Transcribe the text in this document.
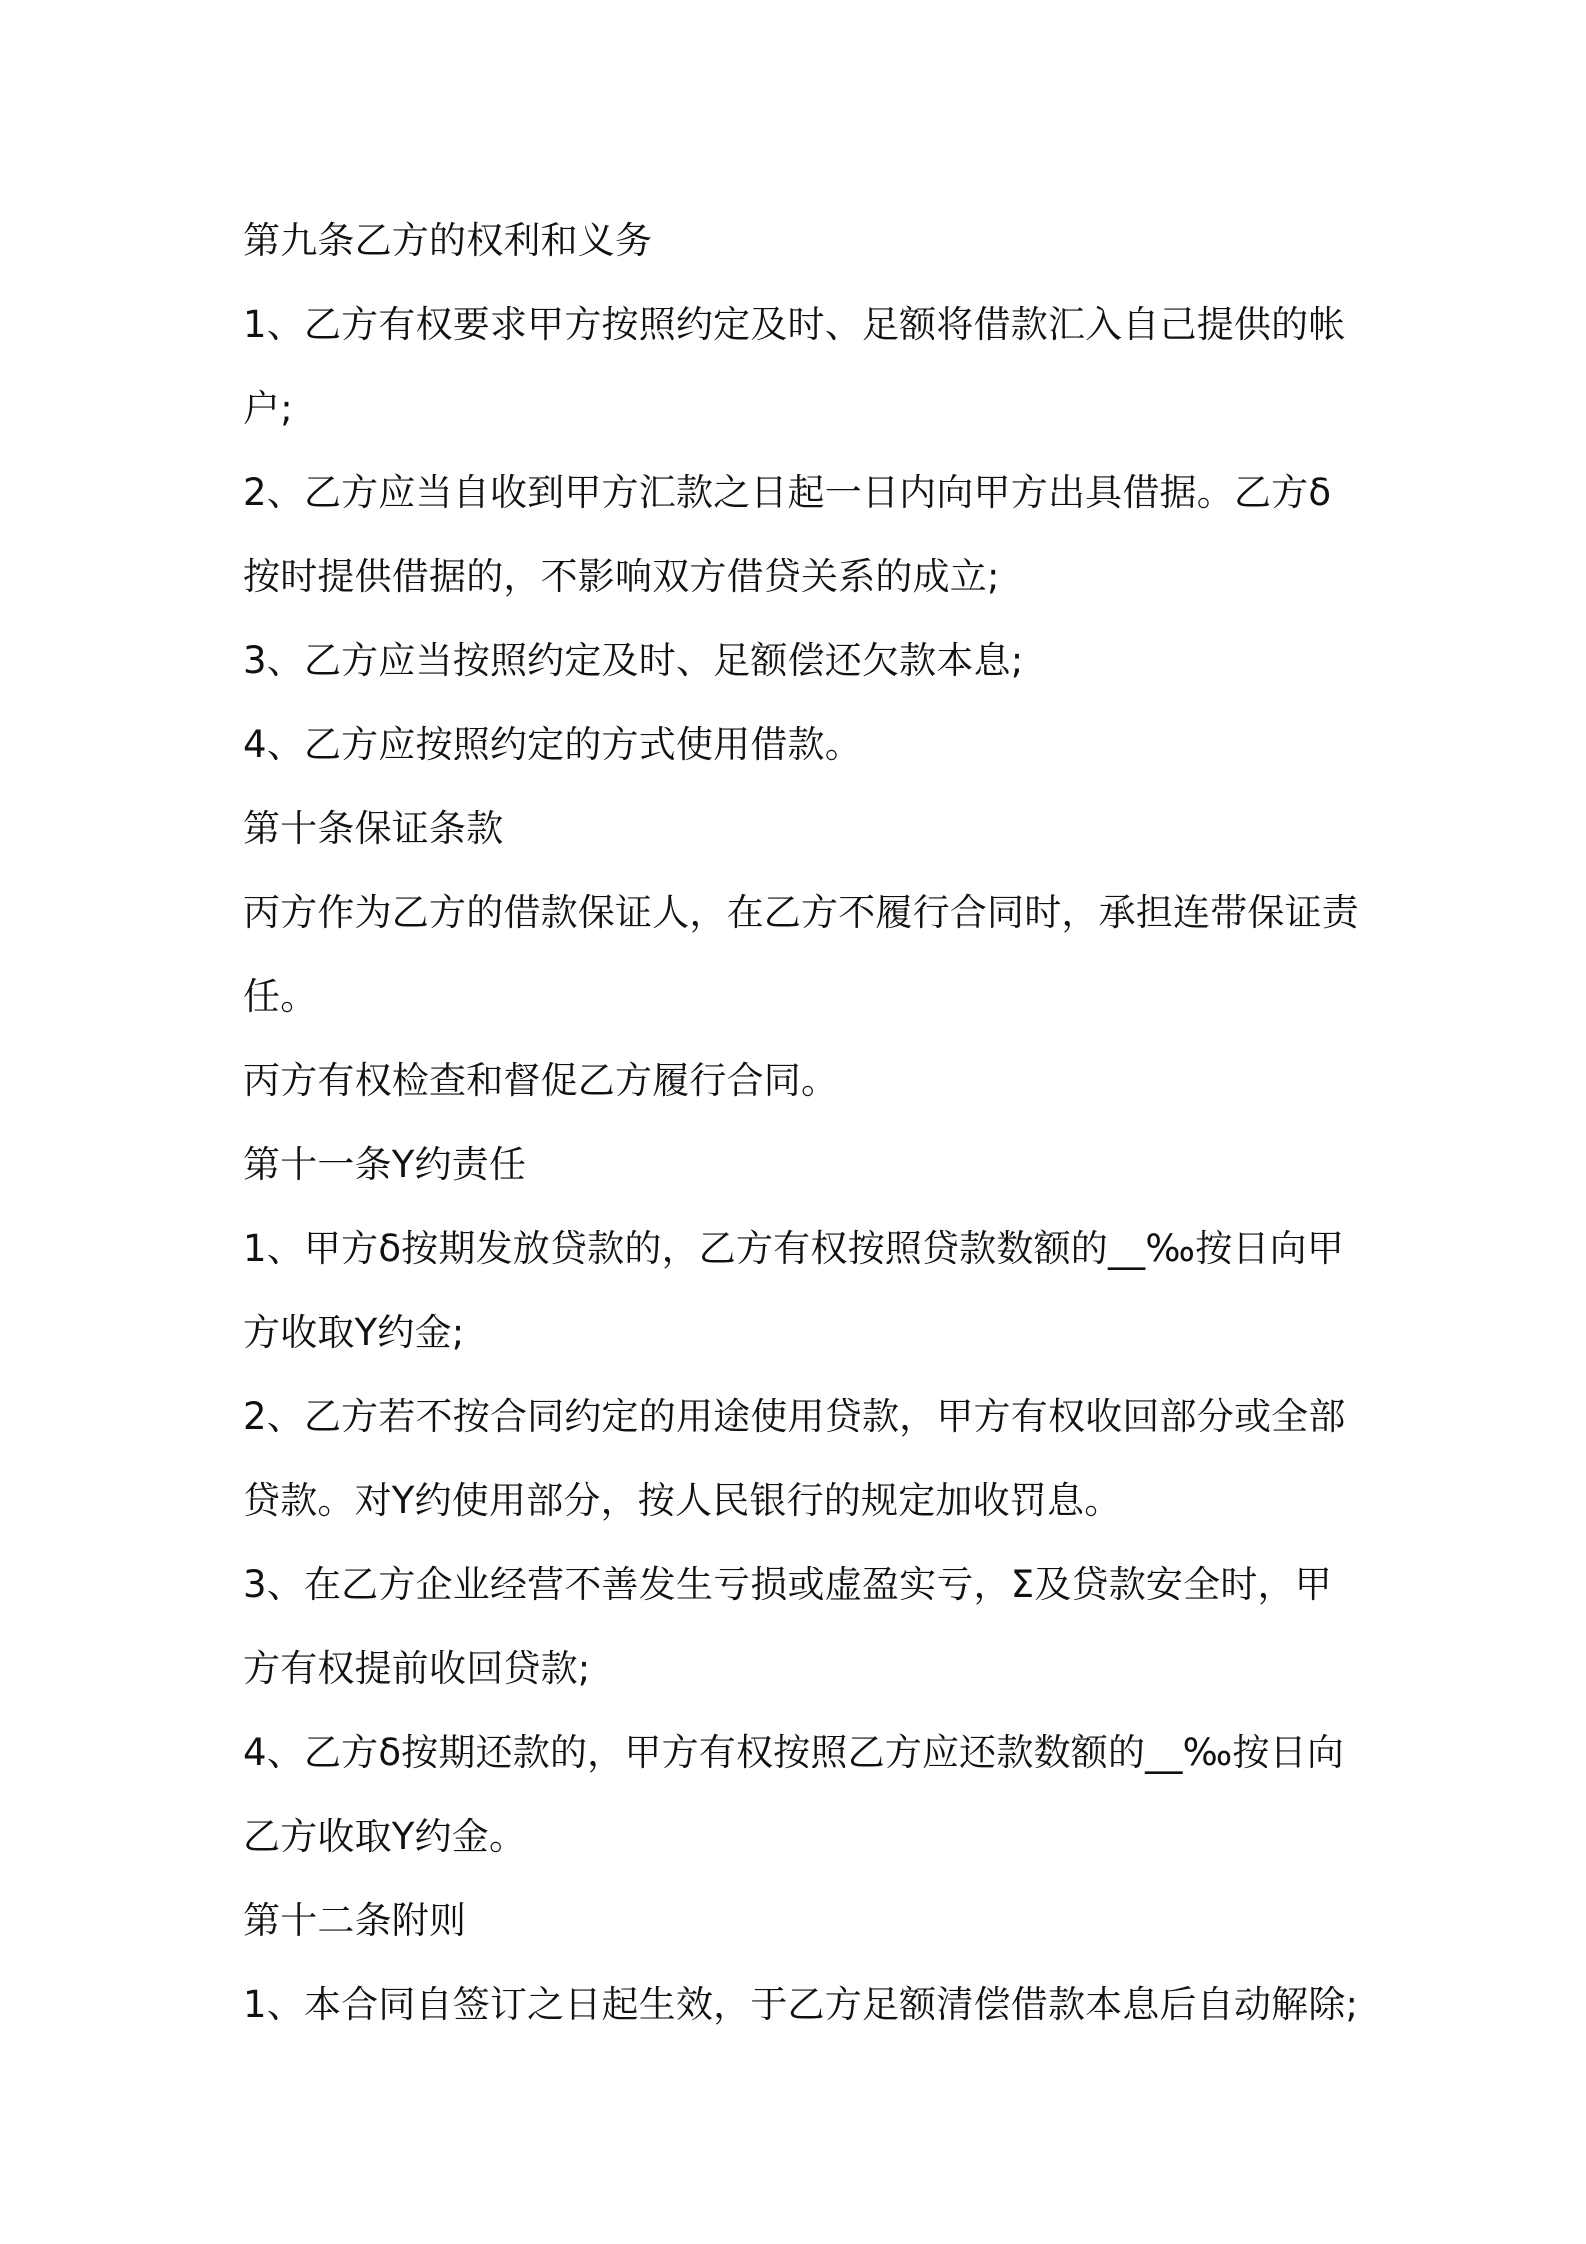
第九条乙方的权利和义务
1、乙方有权要求甲方按照约定及时、足额将借款汇入自己提供的帐
户;
2、乙方应当自收到甲方汇款之日起一日内向甲方出具借据。乙方δ
按时提供借据的，不影响双方借贷关系的成立;
3、乙方应当按照约定及时、足额偿还欠款本息;
4、乙方应按照约定的方式使用借款。
第十条保证条款
丙方作为乙方的借款保证人，在乙方不履行合同时，承担连带保证责
任。
丙方有权检查和督促乙方履行合同。
第十一条Y约责任
1、甲方δ按期发放贷款的，乙方有权按照贷款数额的__‰按日向甲
方收取Y约金;
2、乙方若不按合同约定的用途使用贷款，甲方有权收回部分或全部
贷款。对Y约使用部分，按人民银行的规定加收罚息。
3、在乙方企业经营不善发生亏损或虚盈实亏，Σ及贷款安全时，甲
方有权提前收回贷款;
4、乙方δ按期还款的，甲方有权按照乙方应还款数额的__‰按日向
乙方收取Y约金。
第十二条附则
1、本合同自签订之日起生效，于乙方足额清偿借款本息后自动解除;
